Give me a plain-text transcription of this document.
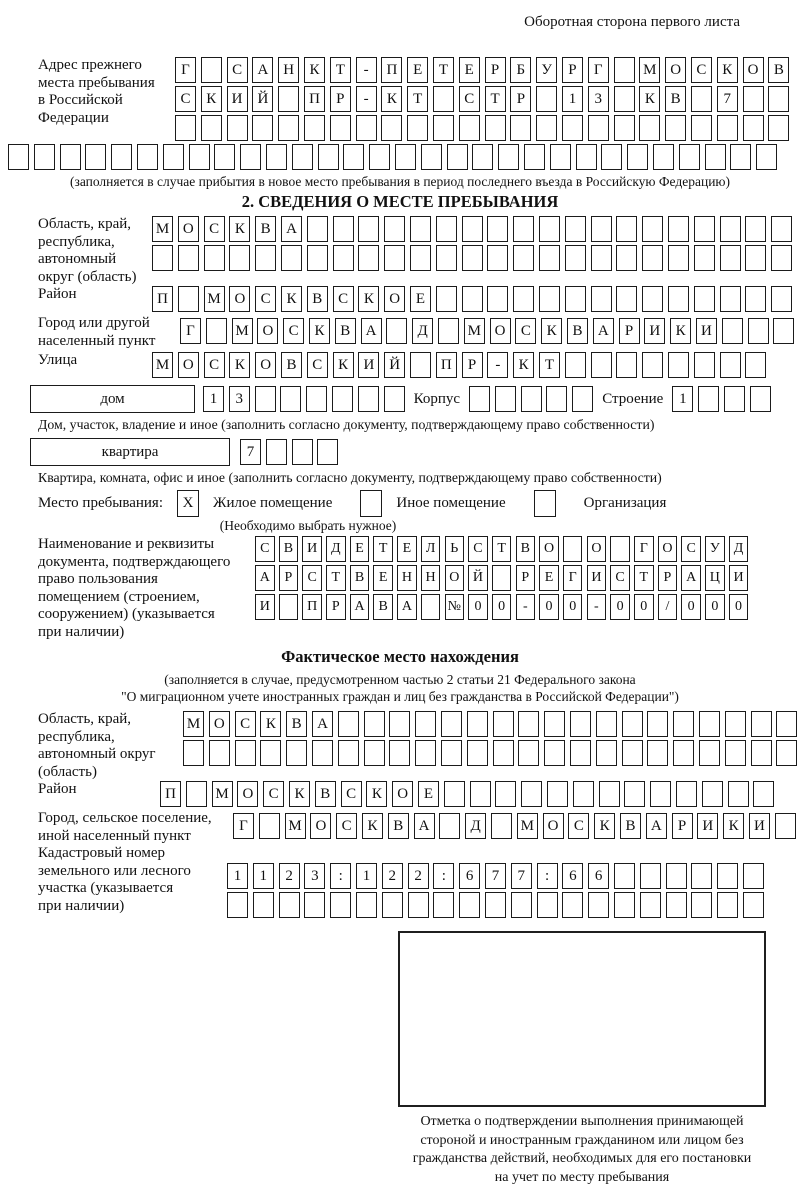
Оборотная сторона первого листа
Адрес прежнего
места пребывания
в Российской
Федерации
Г	С	А Н	К	Т	-	П	Е	Т	Е	Р	Б	У	Р	Г	М О	С	К	О	В
С	К	И Й	П	Р	-	К	Т	С	Т	Р	1	3	К	В	7
(заполняется в случае прибытия в новое место пребывания в период последнего въезда в Российскую Федерацию)
2. СВЕДЕНИЯ О МЕСТЕ ПРЕБЫВАНИЯ
Область, край,
республика,
автономный
округ (область)
М О	С	К	В	А
Район	П	М О	С	К	В	С	К	О	Е
Город или другой
населенный пункт
Г	М О	С	К	В	А	Д	М О	С	К	В	А	Р	И	К	И
Улица	М О	С	К	О	В	С	К	И Й	П	Р	-	К	Т
дом	1	3	Корпус	Строение	1
Дом, участок, владение и иное (заполнить согласно документу, подтверждающему право собственности)
квартира	7
Квартира, комната, офис и иное (заполнить согласно документу, подтверждающему право собственности)
Место пребывания:	X	Жилое помещение	Иное помещение	Организация
(Необходимо выбрать нужное)
Наименование и реквизиты
документа, подтверждающего
право пользования
помещением (строением,
сооружением) (указывается
при наличии)
С	В И Д	Е	Т	Е	Л	Ь	С	Т	В О	О	Г	О С	У Д
А	Р	С	Т	В	Е	Н Н О Й	Р	Е	Г	И С	Т	Р	А Ц И
И	П	Р	А В А	№ 0	0	-	0	0	-	0	0	/	0	0	0
Фактическое место нахождения
(заполняется в случае, предусмотренном частью 2 статьи 21 Федерального закона
"О миграционном учете иностранных граждан и лиц без гражданства в Российской Федерации")
Область, край,
республика,
автономный округ
(область)
М О	С	К	В	А
Район	П	М О	С	К	В	С	К	О	Е
Город, сельское поселение,
иной населенный пункт
Г	М О	С	К	В	А	Д	М О	С	К	В	А	Р	И	К	И
Кадастровый номер
земельного или лесного
участка (указывается
при наличии)
1	1	2	3	:	1	2	2	:	6	7	7	:	6	6
Отметка о подтверждении выполнения принимающей
стороной и иностранным гражданином или лицом без
гражданства действий, необходимых для его постановки
на учет по месту пребывания
